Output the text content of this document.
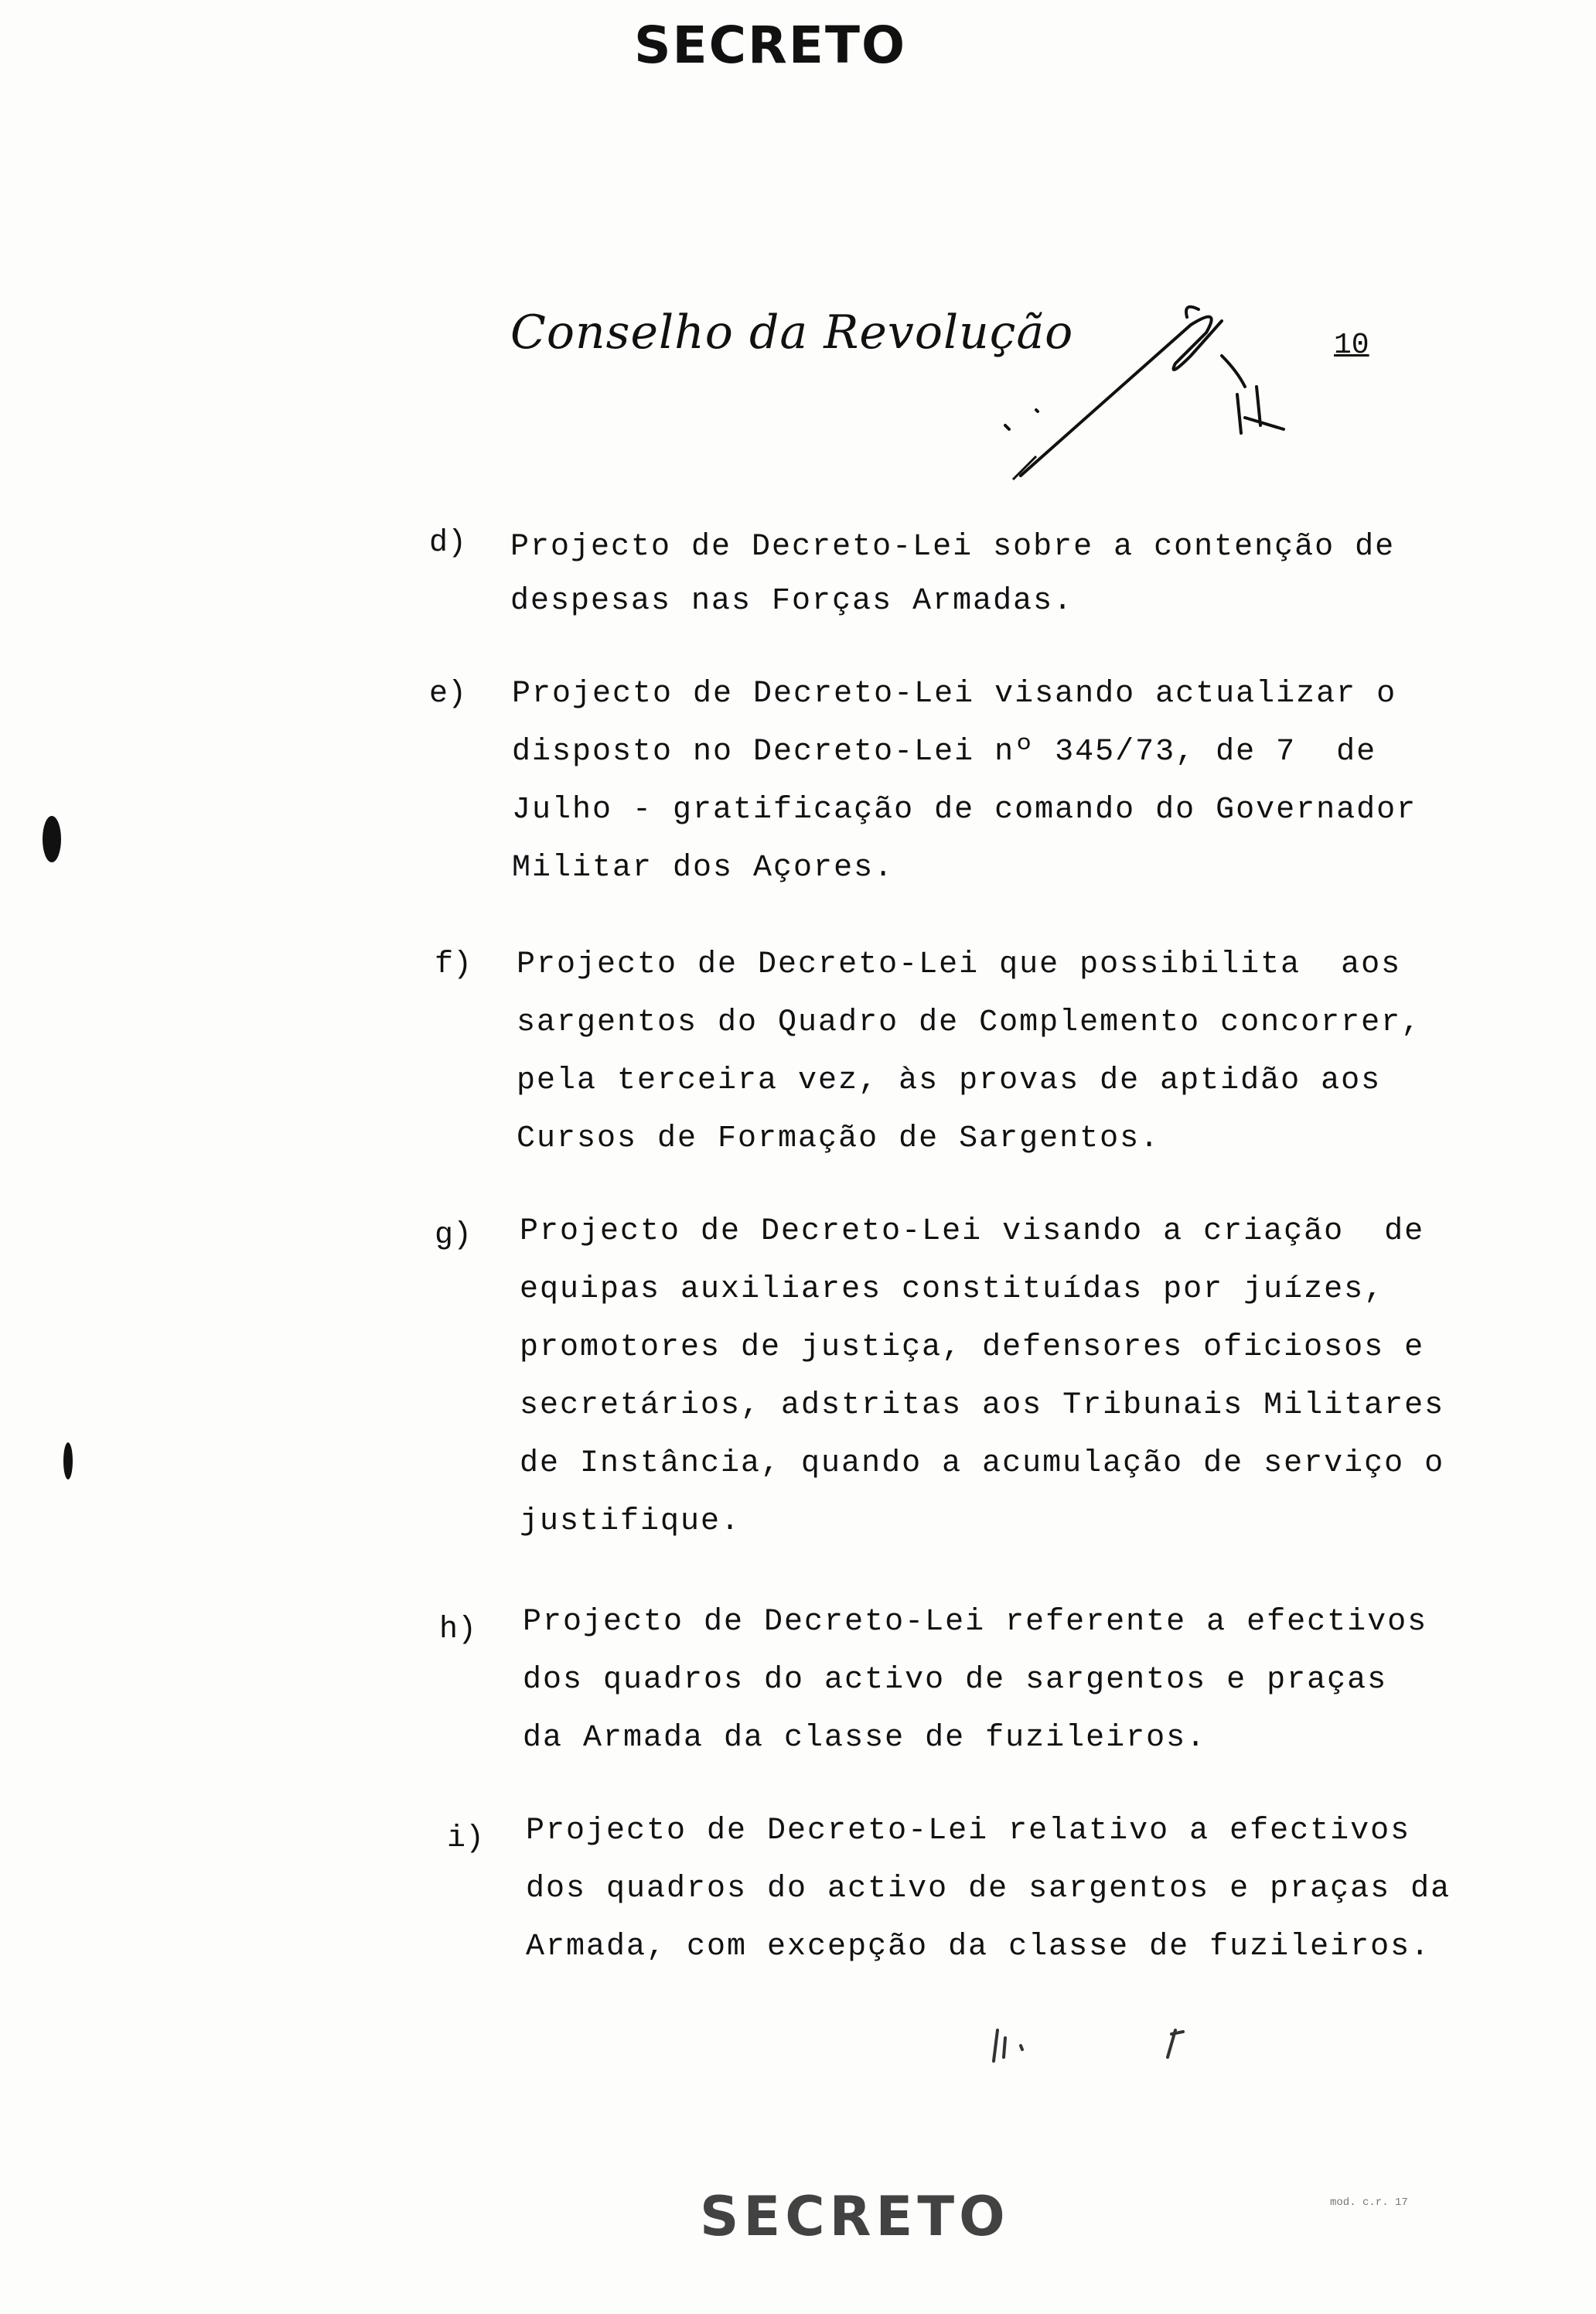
SECRETO
Conselho da Revolução	10
d) Projecto de Decreto-Lei sobre a contenção de
despesas nas Forças Armadas.
e) Projecto de Decreto-Lei visando actualizar o
disposto no Decreto-Lei nº 345/73, de 7  de
Julho - gratificação de comando do Governador
Militar dos Açores.
f) Projecto de Decreto-Lei que possibilita  aos
sargentos do Quadro de Complemento concorrer,
pela terceira vez, às provas de aptidão aos
Cursos de Formação de Sargentos.
g) Projecto de Decreto-Lei visando a criação  de
equipas auxiliares constituídas por juízes,
promotores de justiça, defensores oficiosos e
secretários, adstritas aos Tribunais Militares
de Instância, quando a acumulação de serviço o
justifique.
h) Projecto de Decreto-Lei referente a efectivos
dos quadros do activo de sargentos e praças
da Armada da classe de fuzileiros.
i) Projecto de Decreto-Lei relativo a efectivos
dos quadros do activo de sargentos e praças da
Armada, com excepção da classe de fuzileiros.
SECRETO	mod. c.r. 17
